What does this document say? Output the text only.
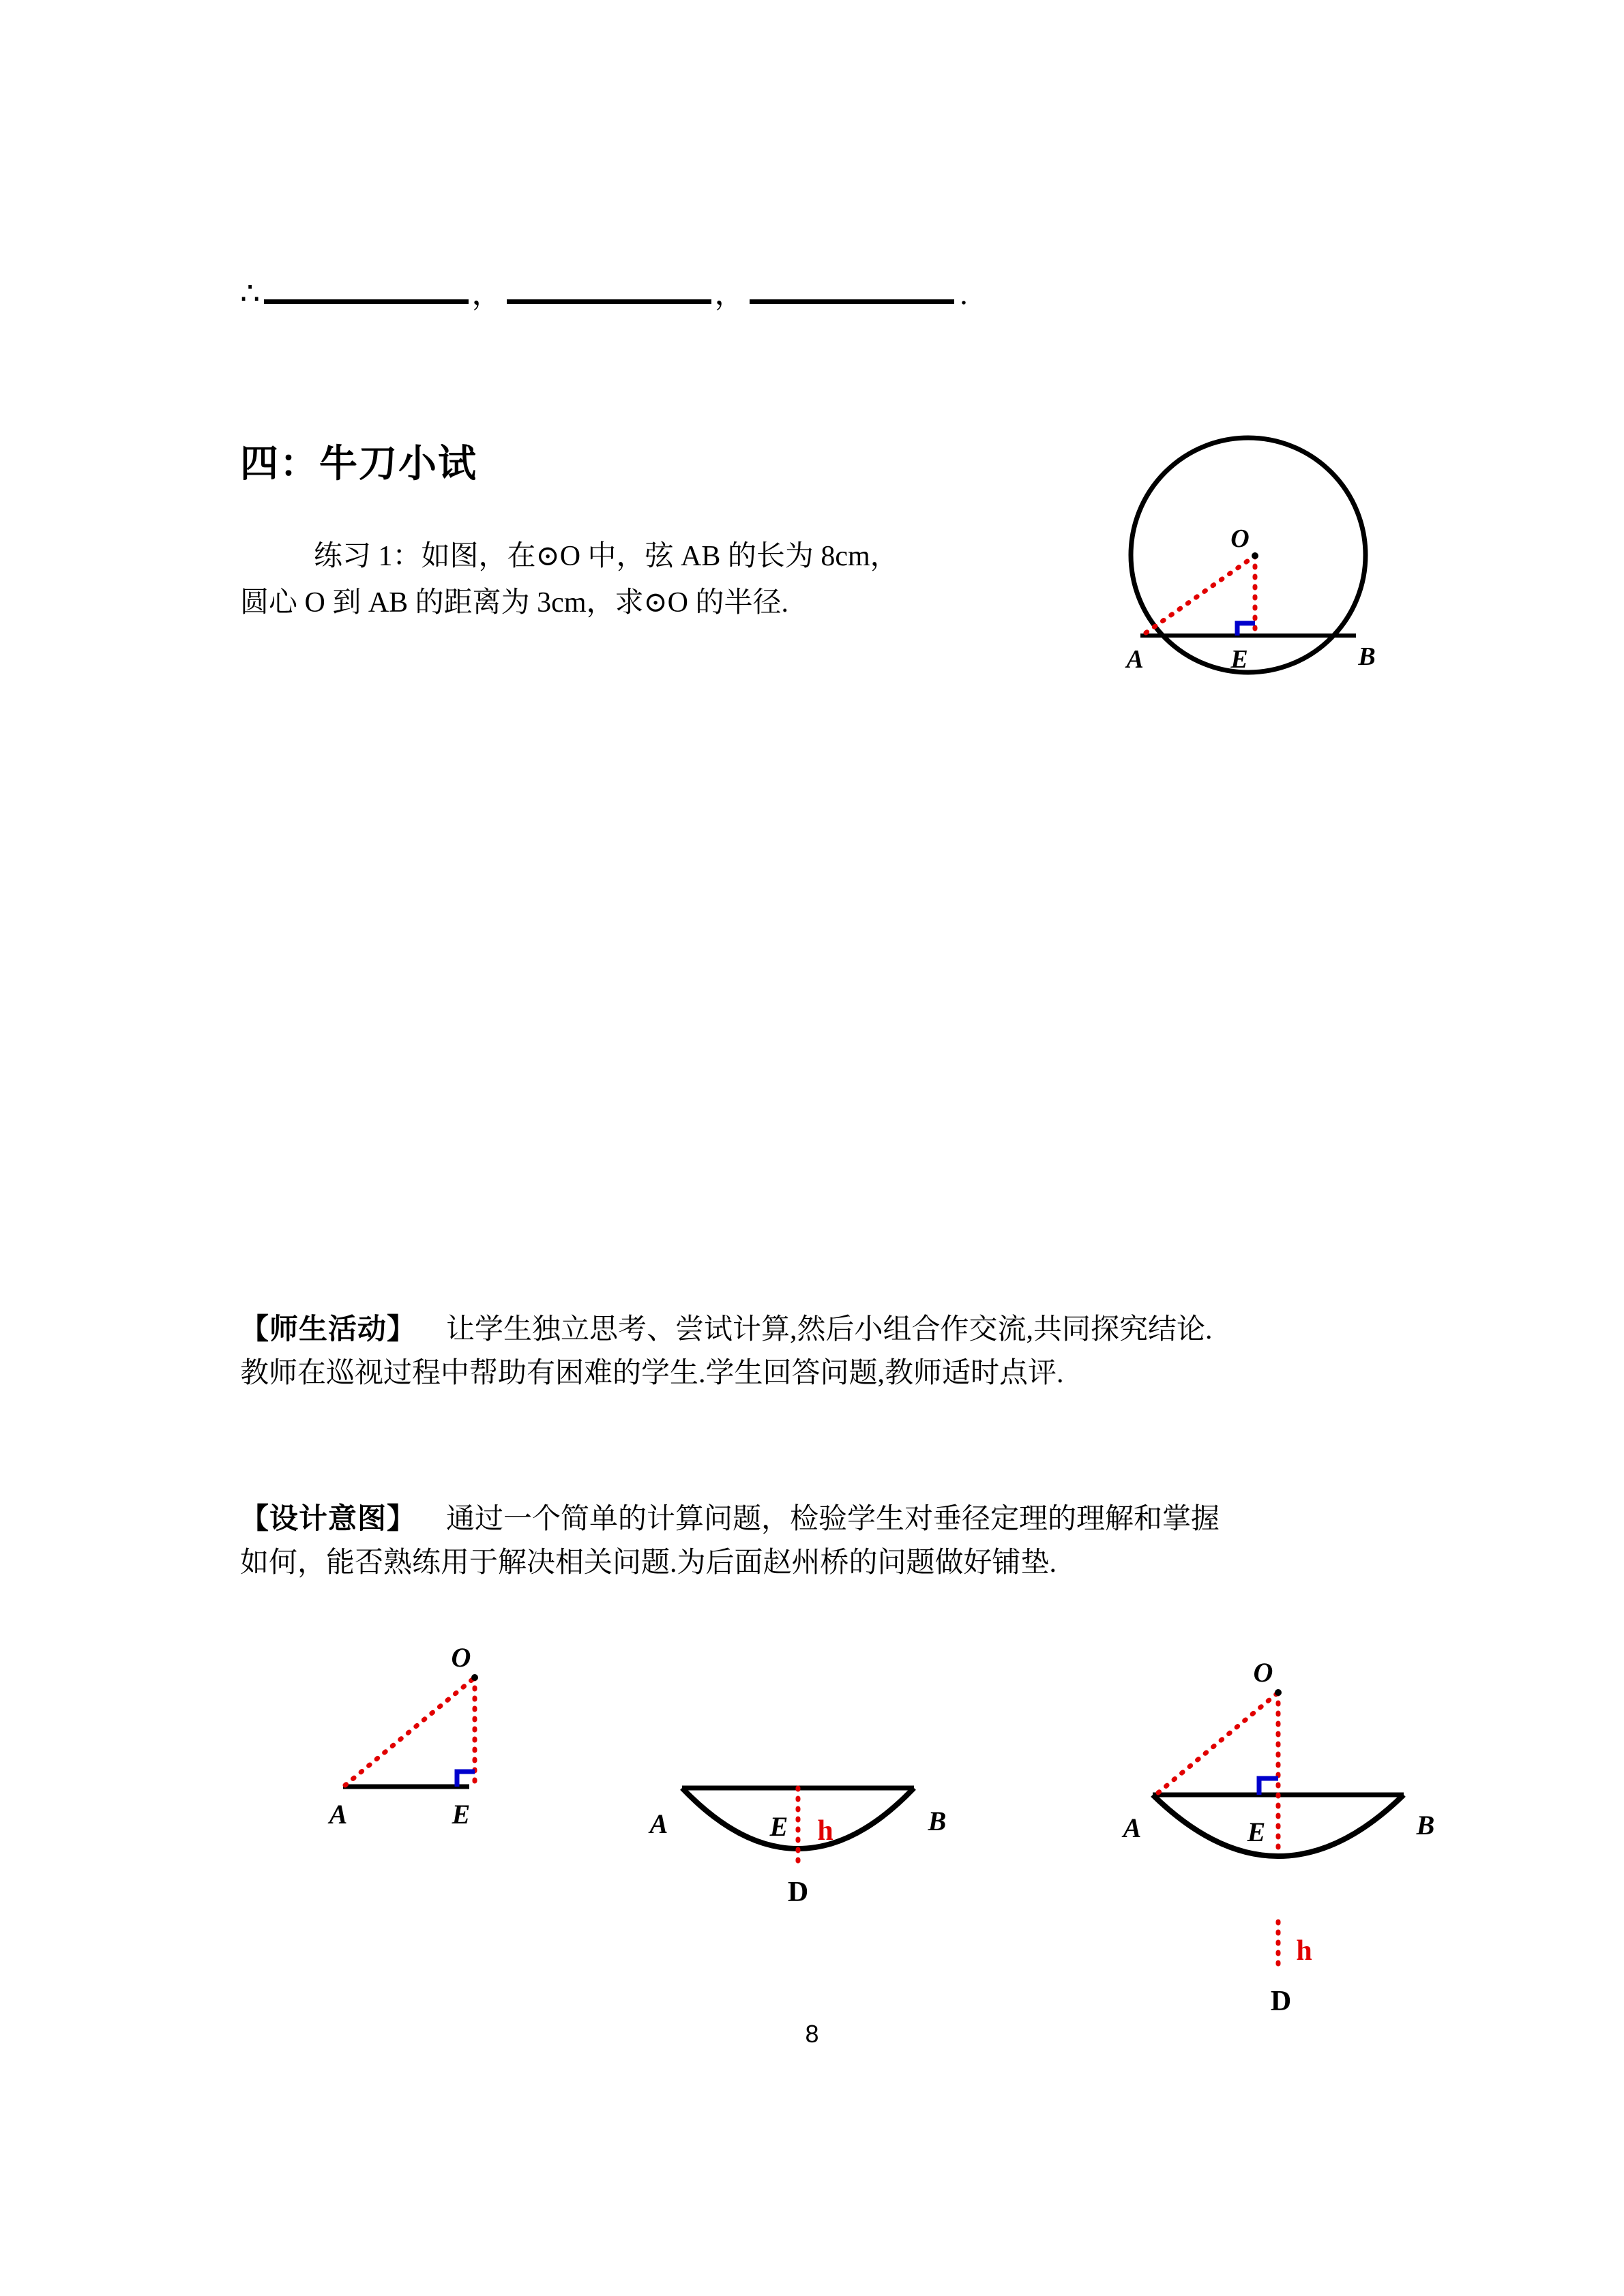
∴	，	，	.
四：牛刀小试
练习 1：如图，在⊙O 中，弦 AB 的长为 8cm，
圆心 O 到 AB 的距离为 3cm，求⊙O 的半径.
O
A	E	B
【师生活动】 让学生独立思考、尝试计算,然后小组合作交流,共同探究结论.
教师在巡视过程中帮助有困难的学生.学生回答问题,教师适时点评.
【设计意图】 通过一个简单的计算问题，检验学生对垂径定理的理解和掌握
如何，能否熟练用于解决相关问题.为后面赵州桥的问题做好铺垫.
O
A	E	A	E h	B
D
O
A	E	B
h
D
8
